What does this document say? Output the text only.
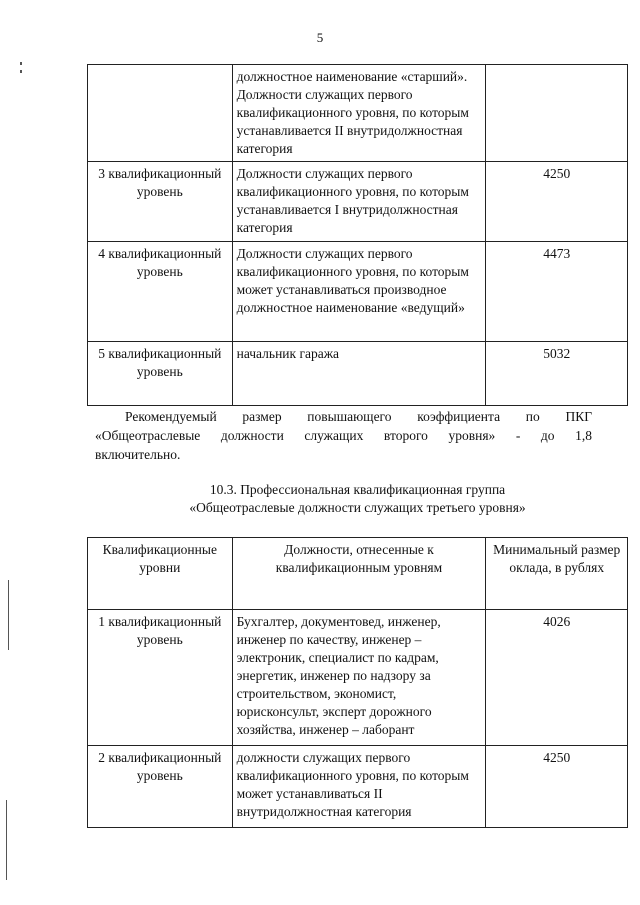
5
	должностное наименование «старший». Должности служащих первого квалификационного уровня, по которым устанавливается II внутридолжностная категория	
3 квалификационный уровень	Должности служащих первого квалификационного уровня, по которым устанавливается I внутридолжностная категория	4250
4 квалификационный уровень	Должности служащих первого квалификационного уровня, по которым может устанавливаться производное должностное наименование «ведущий»	4473
5 квалификационный уровень	начальник гаража	5032
Рекомендуемый размер повышающего коэффициента по ПКГ
«Общеотраслевые должности служащих второго уровня» - до 1,8
включительно.
10.3. Профессиональная квалификационная группа
«Общеотраслевые должности служащих третьего уровня»
Квалификационные уровни	Должности, отнесенные к квалификационным уровням	Минимальный размер оклада, в рублях
1 квалификационный уровень	Бухгалтер, документовед, инженер, инженер по качеству, инженер – электроник, специалист по кадрам, энергетик, инженер по надзору за строительством, экономист, юрисконсульт, эксперт дорожного хозяйства, инженер – лаборант	4026
2 квалификационный уровень	должности служащих первого квалификационного уровня, по которым может устанавливаться II внутридолжностная категория	4250
